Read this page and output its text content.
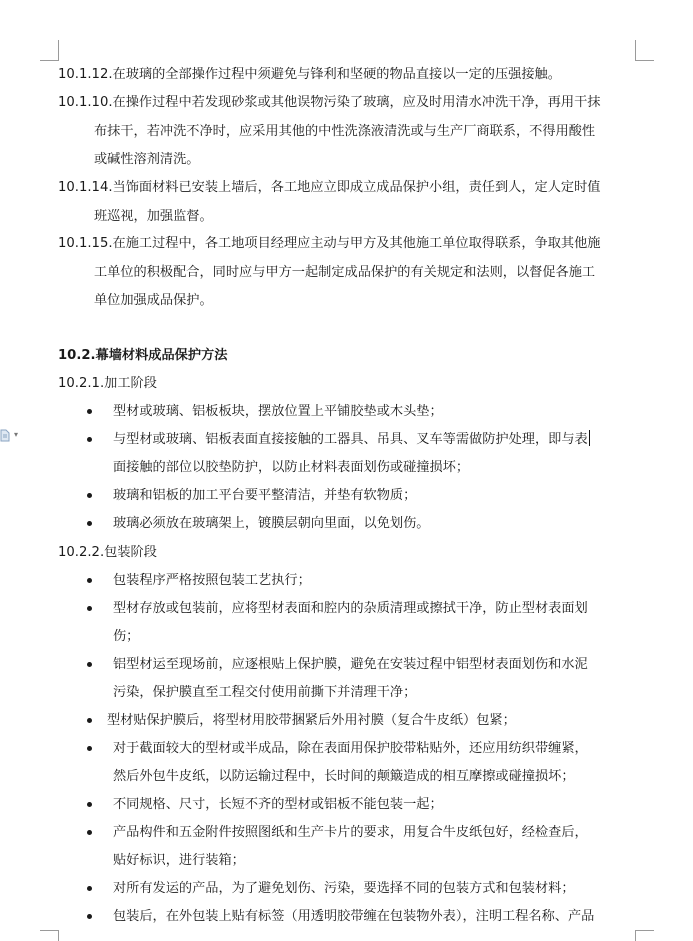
▾
10.1.12.在玻璃的全部操作过程中须避免与锋利和坚硬的物品直接以一定的压强接触。
10.1.10.在操作过程中若发现砂浆或其他误物污染了玻璃，应及时用清水冲洗干净，再用干抹
布抹干，若冲洗不净时，应采用其他的中性洗涤液清洗或与生产厂商联系，不得用酸性
或碱性溶剂清洗。
10.1.14.当饰面材料已安装上墙后，各工地应立即成立成品保护小组，责任到人，定人定时值
班巡视，加强监督。
10.1.15.在施工过程中，各工地项目经理应主动与甲方及其他施工单位取得联系，争取其他施
工单位的积极配合，同时应与甲方一起制定成品保护的有关规定和法则，以督促各施工
单位加强成品保护。
10.2.幕墙材料成品保护方法
10.2.1.加工阶段
型材或玻璃、铝板板块，摆放位置上平铺胶垫或木头垫；
与型材或玻璃、铝板表面直接接触的工器具、吊具、叉车等需做防护处理，即与表
面接触的部位以胶垫防护，以防止材料表面划伤或碰撞损坏；
玻璃和铝板的加工平台要平整清洁，并垫有软物质；
玻璃必须放在玻璃架上，镀膜层朝向里面，以免划伤。
10.2.2.包装阶段
包装程序严格按照包装工艺执行；
型材存放或包装前，应将型材表面和腔内的杂质清理或擦拭干净，防止型材表面划
伤；
铝型材运至现场前，应逐根贴上保护膜，避免在安装过程中铝型材表面划伤和水泥
污染，保护膜直至工程交付使用前撕下并清理干净；
型材贴保护膜后，将型材用胶带捆紧后外用衬膜（复合牛皮纸）包紧；
对于截面较大的型材或半成品，除在表面用保护胶带粘贴外，还应用纺织带缠紧，
然后外包牛皮纸，以防运输过程中，长时间的颠簸造成的相互摩擦或碰撞损坏；
不同规格、尺寸，长短不齐的型材或铝板不能包装一起；
产品构件和五金附件按照图纸和生产卡片的要求，用复合牛皮纸包好，经检查后，
贴好标识，进行装箱；
对所有发运的产品，为了避免划伤、污染，要选择不同的包装方式和包装材料；
包装后，在外包装上贴有标签（用透明胶带缠在包装物外表），注明工程名称、产品
